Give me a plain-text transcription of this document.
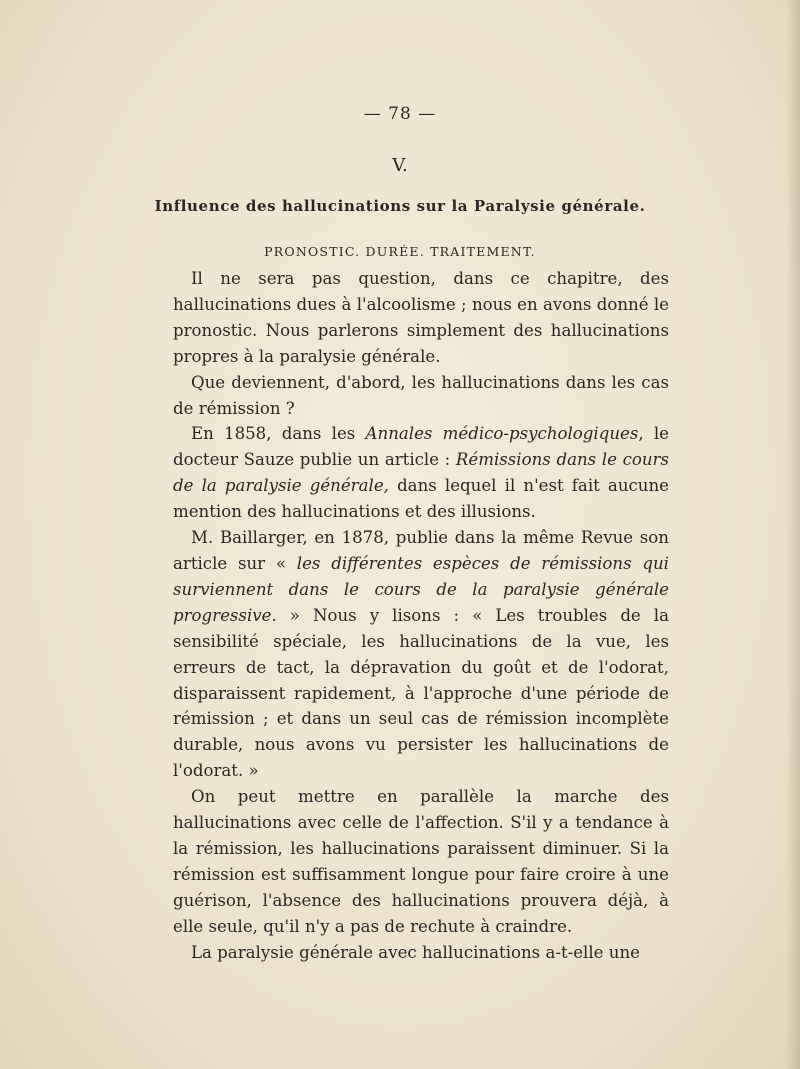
— 78 —
V.
Influence des hallucinations sur la Paralysie générale.
PRONOSTIC. DURÉE. TRAITEMENT.

Il ne sera pas question, dans ce chapitre, des hallucinations dues à l'alcoolisme ; nous en avons donné le pronostic. Nous parlerons simplement des hallucinations propres à la paralysie générale.

Que deviennent, d'abord, les hallucinations dans les cas de rémission ?

En 1858, dans les Annales médico-psychologiques, le docteur Sauze publie un article : Rémissions dans le cours de la paralysie générale, dans lequel il n'est fait aucune mention des hallucinations et des illusions.

M. Baillarger, en 1878, publie dans la même Revue son article sur « les différentes espèces de rémissions qui surviennent dans le cours de la paralysie générale progressive. » Nous y lisons : « Les troubles de la sensibilité spéciale, les hallucinations de la vue, les erreurs de tact, la dépravation du goût et de l'odorat, disparaissent rapidement, à l'approche d'une période de rémission ; et dans un seul cas de rémission incomplète durable, nous avons vu persister les hallucinations de l'odorat. »

On peut mettre en parallèle la marche des hallucinations avec celle de l'affection. S'il y a tendance à la rémission, les hallucinations paraissent diminuer. Si la rémission est suffisamment longue pour faire croire à une guérison, l'absence des hallucinations prouvera déjà, à elle seule, qu'il n'y a pas de rechute à craindre.

La paralysie générale avec hallucinations a-t-elle une
